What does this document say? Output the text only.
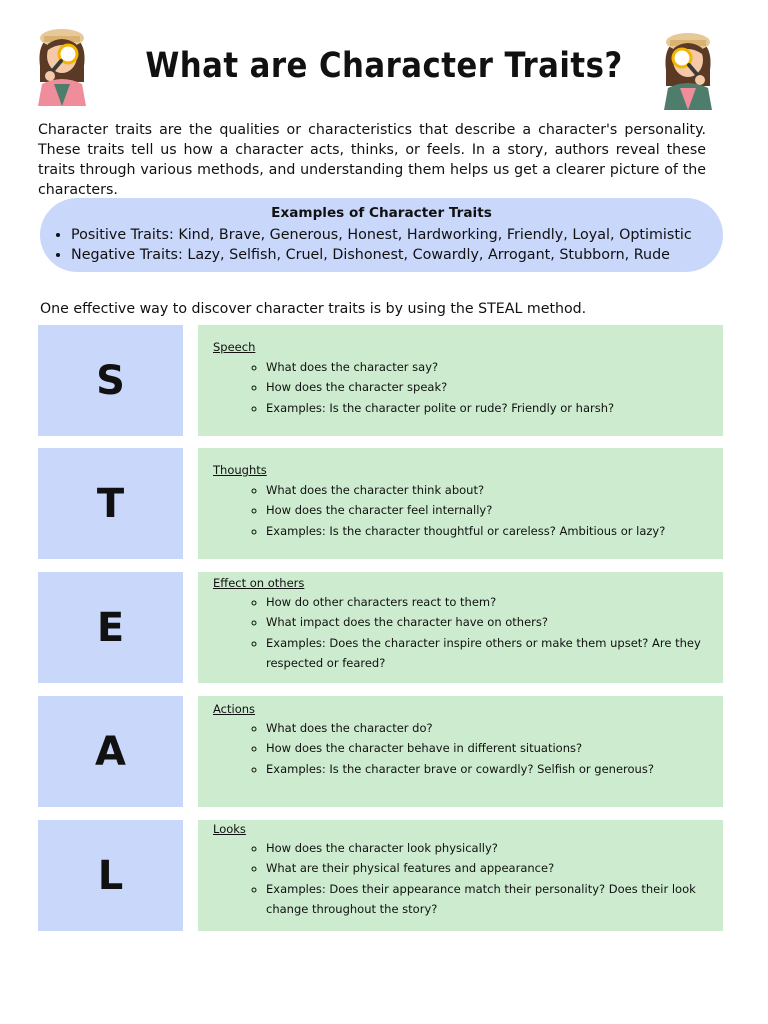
What are Character Traits?
Character traits are the qualities or characteristics that describe a character's personality. These traits tell us how a character acts, thinks, or feels. In a story, authors reveal these traits through various methods, and understanding them helps us get a clearer picture of the characters.
Examples of Character Traits
• Positive Traits: Kind, Brave, Generous, Honest, Hardworking, Friendly, Loyal, Optimistic
• Negative Traits: Lazy, Selfish, Cruel, Dishonest, Cowardly, Arrogant, Stubborn, Rude
One effective way to discover character traits is by using the STEAL method.
S
Speech
◦ What does the character say?
◦ How does the character speak?
◦ Examples: Is the character polite or rude? Friendly or harsh?
T
Thoughts
◦ What does the character think about?
◦ How does the character feel internally?
◦ Examples: Is the character thoughtful or careless? Ambitious or lazy?
E
Effect on others
◦ How do other characters react to them?
◦ What impact does the character have on others?
◦ Examples: Does the character inspire others or make them upset? Are they respected or feared?
A
Actions
◦ What does the character do?
◦ How does the character behave in different situations?
◦ Examples: Is the character brave or cowardly? Selfish or generous?
L
Looks
◦ How does the character look physically?
◦ What are their physical features and appearance?
◦ Examples: Does their appearance match their personality? Does their look change throughout the story?
